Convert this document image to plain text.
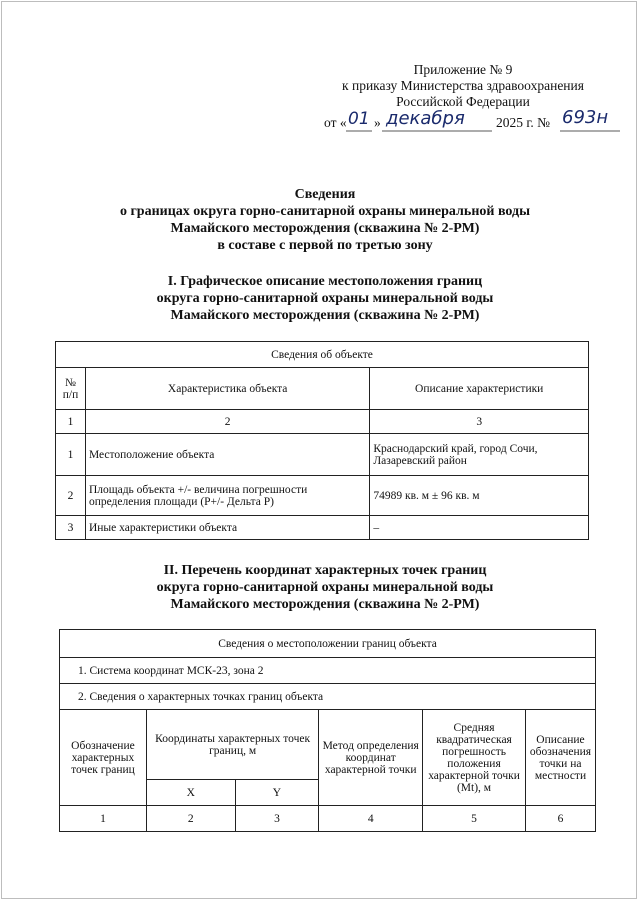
Приложение № 9
к приказу Министерства здравоохранения
Российской Федерации
от « 01 » декабря 2025 г. № 693н
Сведения
о границах округа горно-санитарной охраны минеральной воды
Мамайского месторождения (скважина № 2-РМ)
в составе с первой по третью зону
I. Графическое описание местоположения границ
округа горно-санитарной охраны минеральной воды
Мамайского месторождения (скважина № 2-РМ)
Сведения об объекте		
№ п/п	Характеристика объекта	Описание характеристики
1	2	3
1	Местоположение объекта	Краснодарский край, город Сочи, Лазаревский район
2	Площадь объекта +/- величина погрешности определения площади (P+/- Дельта P)	74989 кв. м ± 96 кв. м
3	Иные характеристики объекта	–
II. Перечень координат характерных точек границ
округа горно-санитарной охраны минеральной воды
Мамайского месторождения (скважина № 2-РМ)
Сведения о местоположении границ объекта					
1. Система координат МСК-23, зона 2					
2. Сведения о характерных точках границ объекта					
Обозначение характерных точек границ	Координаты характерных точек границ, м		Метод определения координат характерной точки	Средняя квадратическая погрешность положения характерной точки (Mt), м	Описание обозначения точки на местности
	X	Y			
1	2	3	4	5	6
